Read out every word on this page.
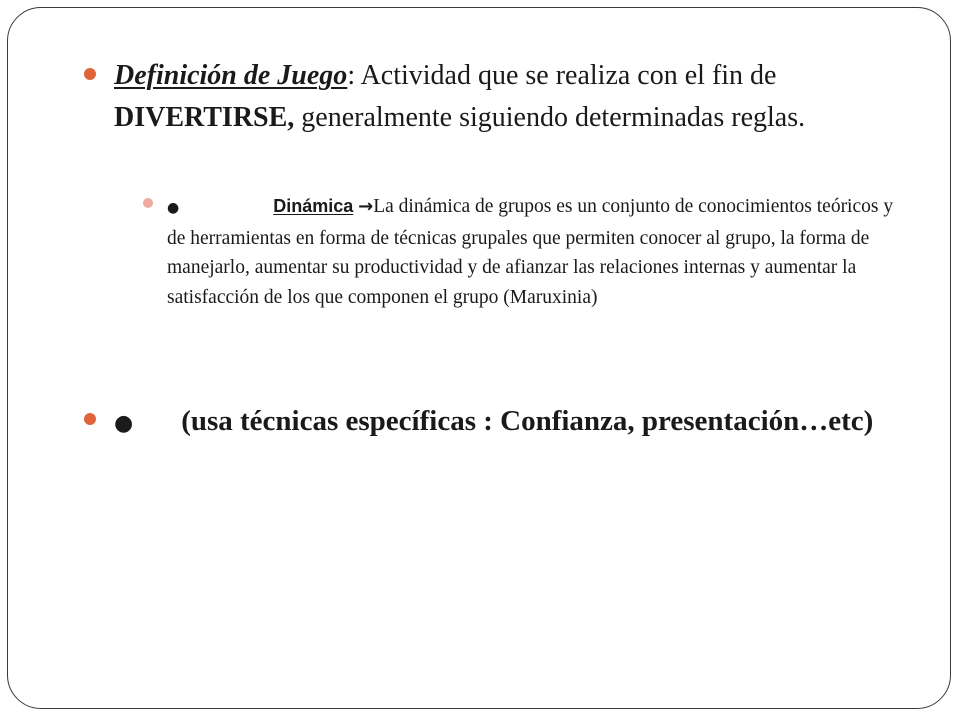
Definición de Juego: Actividad que se realiza con el fin de DIVERTIRSE, generalmente siguiendo determinadas reglas.

●	Dinámica →La dinámica de grupos es un conjunto de conocimientos teóricos y de herramientas en forma de técnicas grupales que permiten conocer al grupo, la forma de manejarlo, aumentar su productividad y de afianzar las relaciones internas y aumentar la satisfacción de los que componen el grupo (Maruxinia)

● (usa técnicas específicas : Confianza, presentación…etc)
